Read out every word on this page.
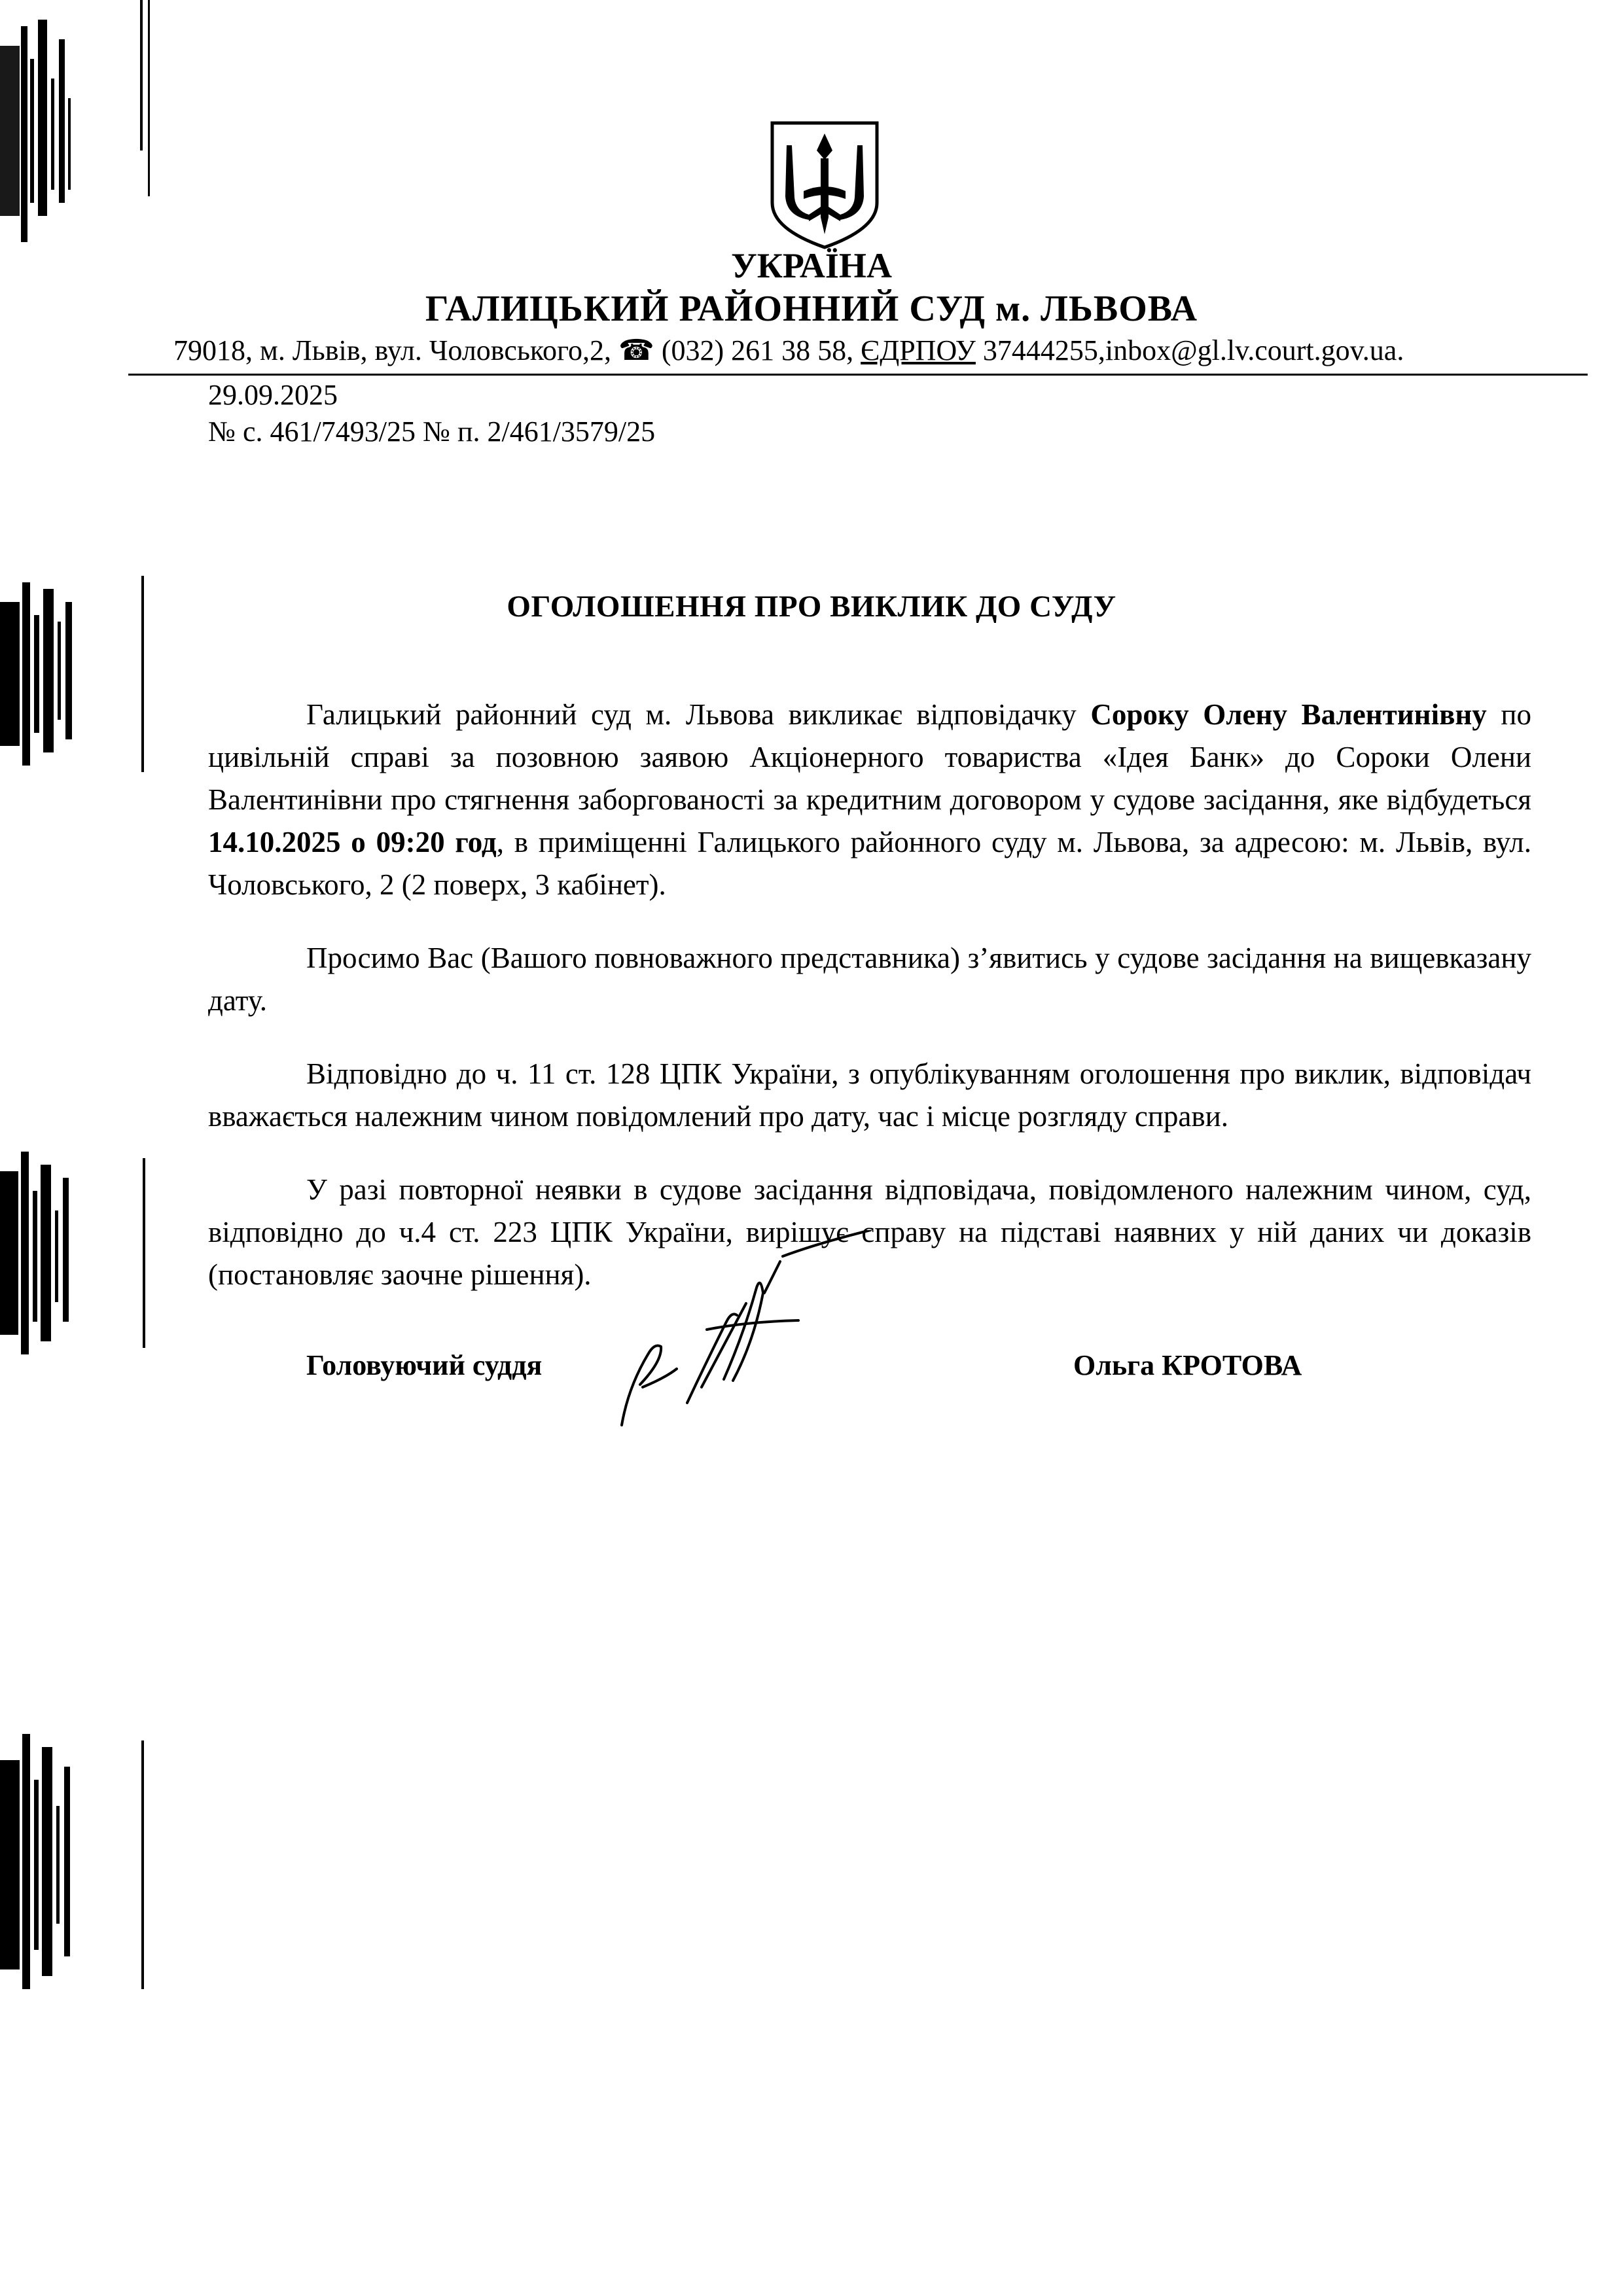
УКРАЇНА
ГАЛИЦЬКИЙ РАЙОННИЙ СУД м. ЛЬВОВА
79018, м. Львів, вул. Чоловського,2, ☎ (032) 261 38 58, ЄДРПОУ 37444255,inbox@gl.lv.court.gov.ua.
29.09.2025
№ с. 461/7493/25 № п. 2/461/3579/25
ОГОЛОШЕННЯ ПРО ВИКЛИК ДО СУДУ

Галицький районний суд м. Львова викликає відповідачку Сороку Олену Валентинівну по цивільній справі за позовною заявою Акціонерного товариства «Ідея Банк» до Сороки Олени Валентинівни про стягнення заборгованості за кредитним договором у судове засідання, яке відбудеться 14.10.2025 о 09:20 год, в приміщенні Галицького районного суду м. Львова, за адресою: м. Львів, вул. Чоловського, 2 (2 поверх, 3 кабінет).

Просимо Вас (Вашого повноважного представника) з’явитись у судове засідання на вищевказану дату.

Відповідно до ч. 11 ст. 128 ЦПК України, з опублікуванням оголошення про виклик, відповідач вважається належним чином повідомлений про дату, час і місце розгляду справи.

У разі повторної неявки в судове засідання відповідача, повідомленого належним чином, суд, відповідно до ч.4 ст. 223 ЦПК України, вирішує справу на підставі наявних у ній даних чи доказів (постановляє заочне рішення).

Головуючий суддя	Ольга КРОТОВА
